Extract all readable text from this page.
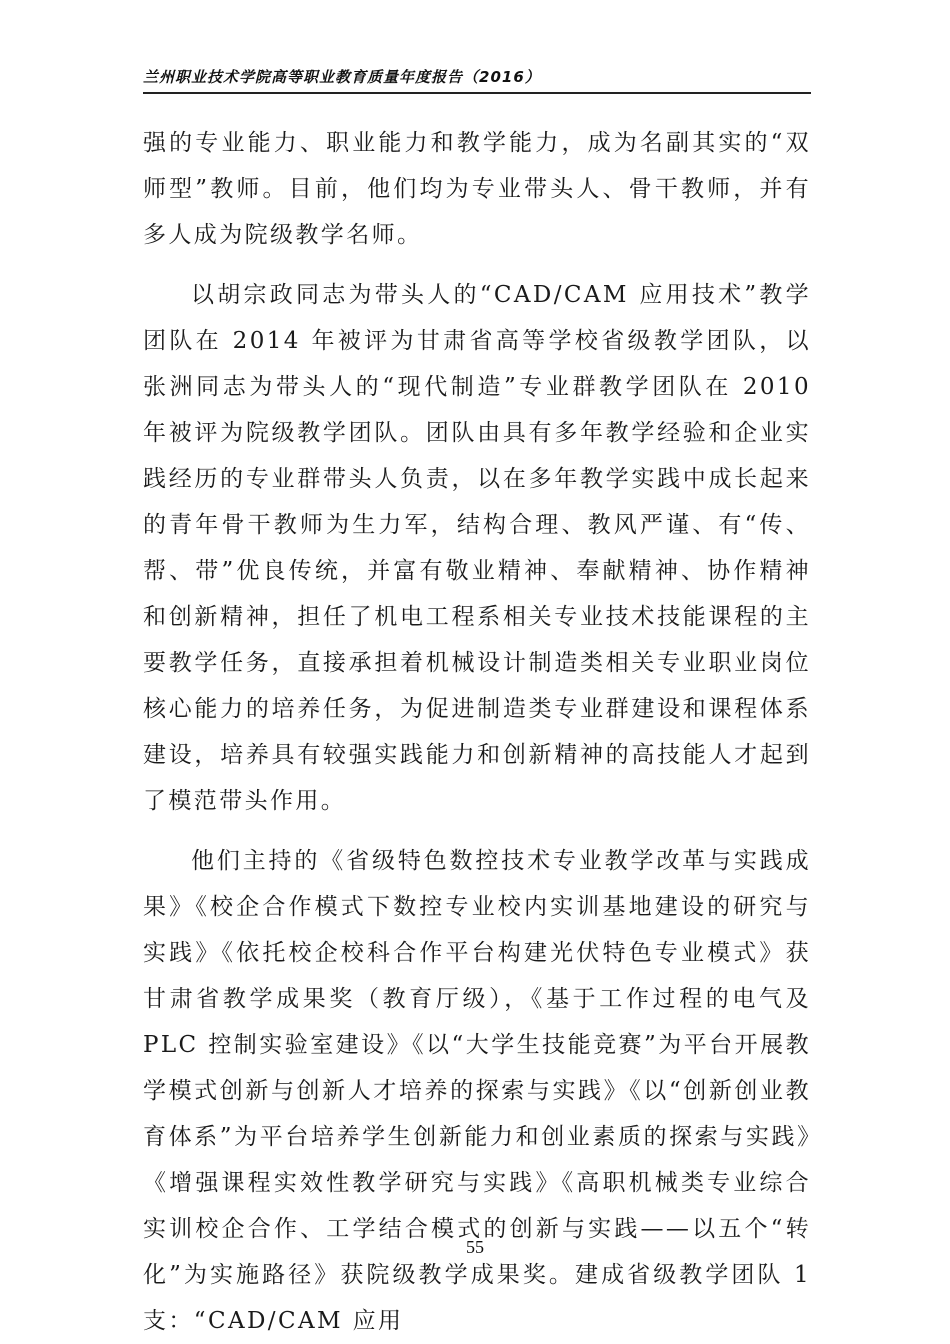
兰州职业技术学院高等职业教育质量年度报告（2016）

强的专业能力、职业能力和教学能力，成为名副其实的“双师型”教师。目前，他们均为专业带头人、骨干教师，并有多人成为院级教学名师。

以胡宗政同志为带头人的“CAD/CAM 应用技术”教学团队在 2014 年被评为甘肃省高等学校省级教学团队，以张洲同志为带头人的“现代制造”专业群教学团队在 2010 年被评为院级教学团队。团队由具有多年教学经验和企业实践经历的专业群带头人负责，以在多年教学实践中成长起来的青年骨干教师为生力军，结构合理、教风严谨、有“传、帮、带”优良传统，并富有敬业精神、奉献精神、协作精神和创新精神，担任了机电工程系相关专业技术技能课程的主要教学任务，直接承担着机械设计制造类相关专业职业岗位核心能力的培养任务，为促进制造类专业群建设和课程体系建设，培养具有较强实践能力和创新精神的高技能人才起到了模范带头作用。

他们主持的《省级特色数控技术专业教学改革与实践成果》《校企合作模式下数控专业校内实训基地建设的研究与实践》《依托校企校科合作平台构建光伏特色专业模式》获甘肃省教学成果奖（教育厅级），《基于工作过程的电气及 PLC 控制实验室建设》《以“大学生技能竞赛”为平台开展教学模式创新与创新人才培养的探索与实践》《以“创新创业教育体系”为平台培养学生创新能力和创业素质的探索与实践》《增强课程实效性教学研究与实践》《高职机械类专业综合实训校企合作、工学结合模式的创新与实践——以五个“转化”为实施路径》获院级教学成果奖。建成省级教学团队 1 支：“CAD/CAM 应用

55
